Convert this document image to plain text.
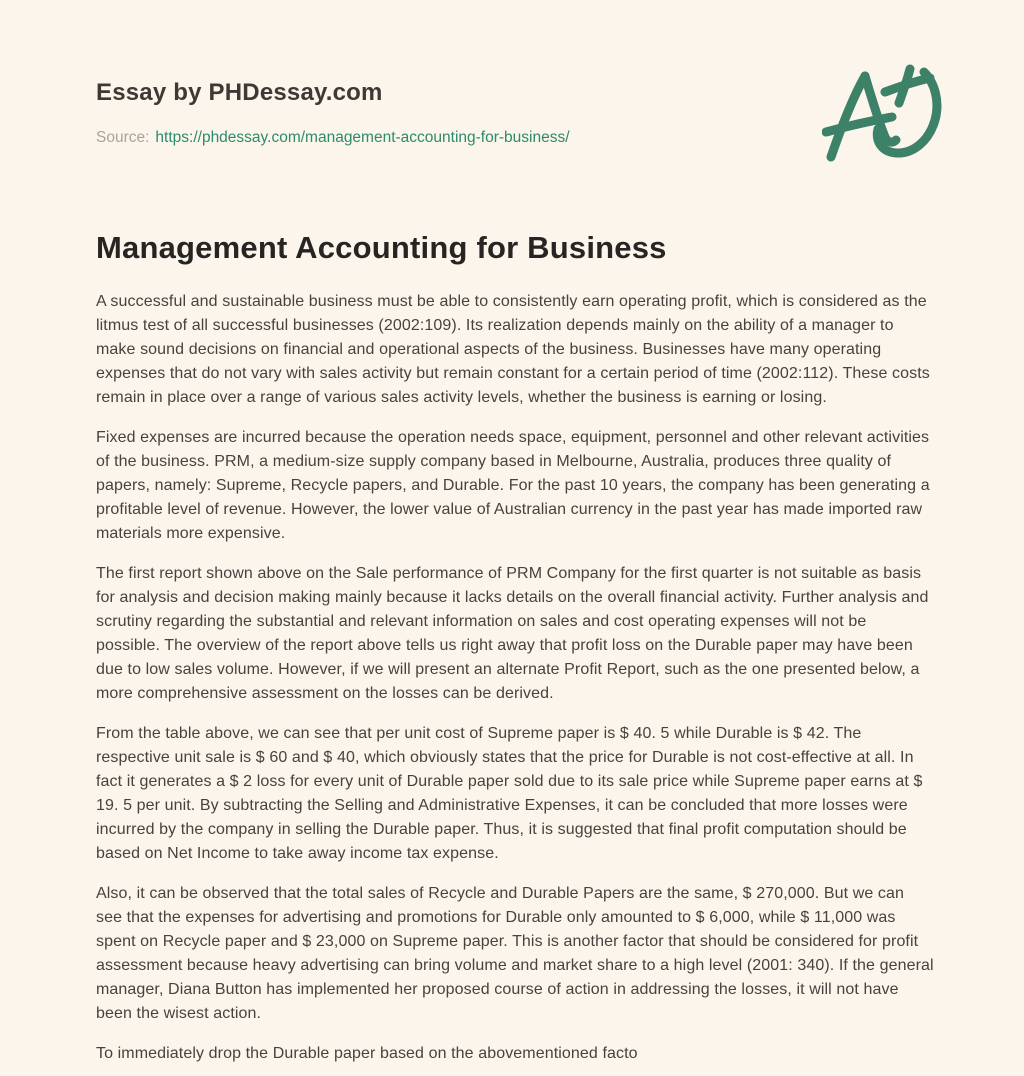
Essay by PHDessay.com
Source: https://phdessay.com/management-accounting-for-business/
Management Accounting for Business

A successful and sustainable business must be able to consistently earn operating profit, which is considered as the litmus test of all successful businesses (2002:109). Its realization depends mainly on the ability of a manager to make sound decisions on financial and operational aspects of the business. Businesses have many operating expenses that do not vary with sales activity but remain constant for a certain period of time (2002:112). These costs remain in place over a range of various sales activity levels, whether the business is earning or losing.

Fixed expenses are incurred because the operation needs space, equipment, personnel and other relevant activities of the business. PRM, a medium-size supply company based in Melbourne, Australia, produces three quality of papers, namely: Supreme, Recycle papers, and Durable. For the past 10 years, the company has been generating a profitable level of revenue. However, the lower value of Australian currency in the past year has made imported raw materials more expensive.

The first report shown above on the Sale performance of PRM Company for the first quarter is not suitable as basis for analysis and decision making mainly because it lacks details on the overall financial activity. Further analysis and scrutiny regarding the substantial and relevant information on sales and cost operating expenses will not be possible. The overview of the report above tells us right away that profit loss on the Durable paper may have been due to low sales volume. However, if we will present an alternate Profit Report, such as the one presented below, a more comprehensive assessment on the losses can be derived.

From the table above, we can see that per unit cost of Supreme paper is $ 40. 5 while Durable is $ 42. The respective unit sale is $ 60 and $ 40, which obviously states that the price for Durable is not cost-effective at all. In fact it generates a $ 2 loss for every unit of Durable paper sold due to its sale price while Supreme paper earns at $ 19. 5 per unit. By subtracting the Selling and Administrative Expenses, it can be concluded that more losses were incurred by the company in selling the Durable paper. Thus, it is suggested that final profit computation should be based on Net Income to take away income tax expense.

Also, it can be observed that the total sales of Recycle and Durable Papers are the same, $ 270,000. But we can see that the expenses for advertising and promotions for Durable only amounted to $ 6,000, while $ 11,000 was spent on Recycle paper and $ 23,000 on Supreme paper. This is another factor that should be considered for profit assessment because heavy advertising can bring volume and market share to a high level (2001: 340). If the general manager, Diana Button has implemented her proposed course of action in addressing the losses, it will not have been the wisest action.

To immediately drop the Durable paper based on the abovementioned facto
